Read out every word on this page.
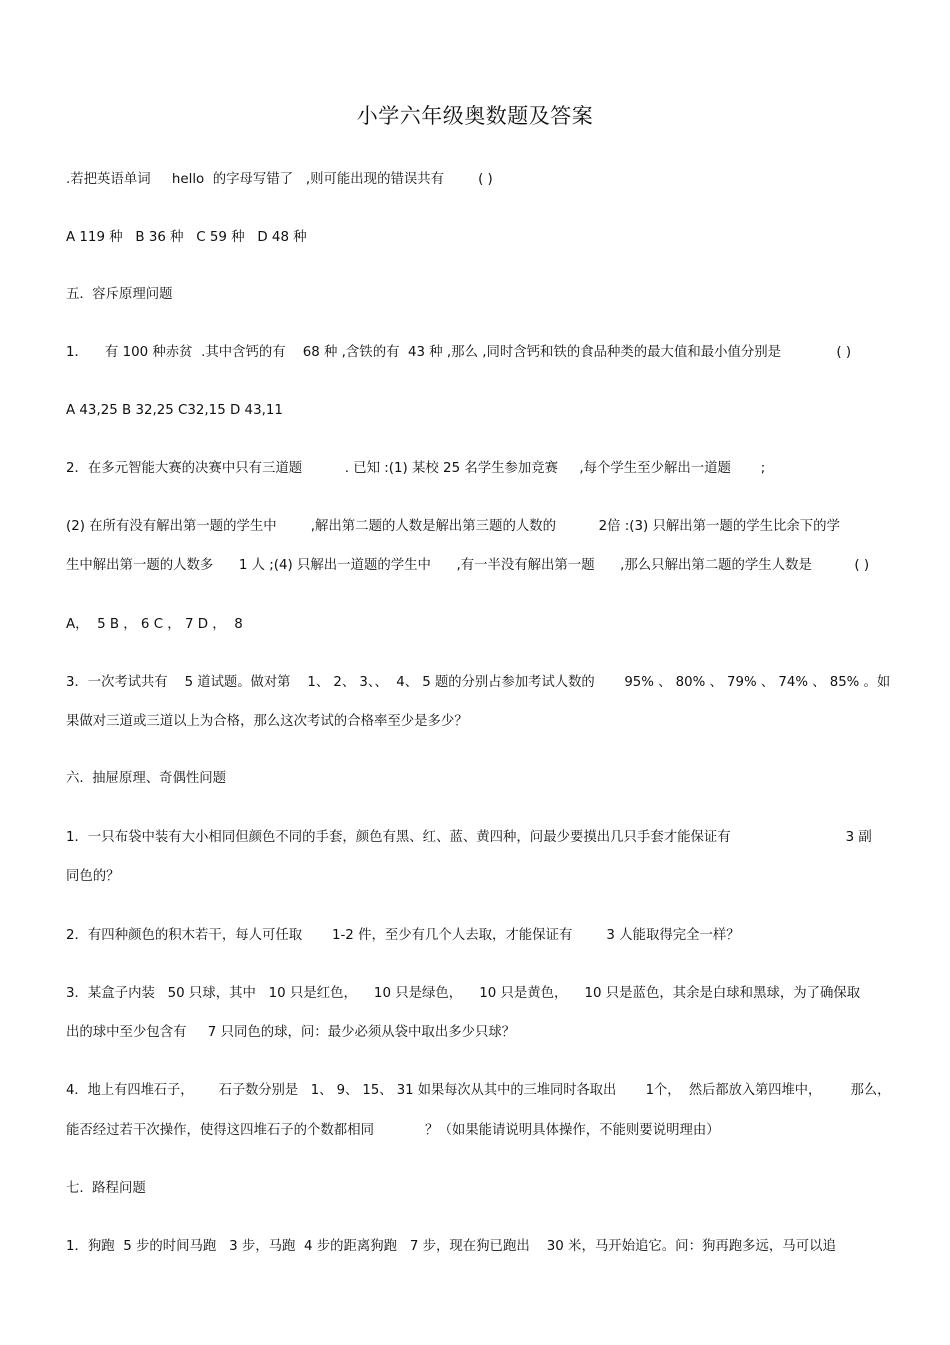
小学六年级奥数题及答案
.若把英语单词     hello  的字母写错了   ,则可能出现的错误共有        ( )
A 119 种   B 36 种   C 59 种   D 48 种
五.  容斥原理问题
1．    有 100 种赤贫  .其中含钙的有    68 种 ,含铁的有  43 种 ,那么 ,同时含钙和铁的食品种类的最大值和最小值分别是             ( )
A 43,25 B 32,25 C32,15 D 43,11
2．在多元智能大赛的决赛中只有三道题          . 已知 :(1) 某校 25 名学生参加竞赛     ,每个学生至少解出一道题       ;
(2) 在所有没有解出第一题的学生中        ,解出第二题的人数是解出第三题的人数的          2倍 :(3) 只解出第一题的学生比余下的学
生中解出第一题的人数多      1 人 ;(4) 只解出一道题的学生中      ,有一半没有解出第一题      ,那么只解出第二题的学生人数是          ( )
A，  5 B ， 6 C ， 7 D ，  8
3．一次考试共有    5 道试题。做对第    1、 2、 3、、  4、 5 题的分别占参加考试人数的       95% 、 80% 、 79% 、 74% 、 85% 。如
果做对三道或三道以上为合格，那么这次考试的合格率至少是多少？
六.  抽屉原理、奇偶性问题
1．一只布袋中装有大小相同但颜色不同的手套，颜色有黑、红、蓝、黄四种，问最少要摸出几只手套才能保证有                           3 副
同色的？
2．有四种颜色的积木若干，每人可任取       1-2 件，至少有几个人去取，才能保证有        3 人能取得完全一样？
3．某盒子内装   50 只球，其中   10 只是红色，    10 只是绿色，    10 只是黄色，    10 只是蓝色，其余是白球和黑球，为了确保取
出的球中至少包含有     7 只同色的球，问：最少必须从袋中取出多少只球？
4．地上有四堆石子，      石子数分别是   1、 9、 15、 31 如果每次从其中的三堆同时各取出       1个，  然后都放入第四堆中，       那么，
能否经过若干次操作，使得这四堆石子的个数都相同            ？（如果能请说明具体操作，不能则要说明理由）
七.  路程问题
1．狗跑  5 步的时间马跑   3 步，马跑  4 步的距离狗跑   7 步，现在狗已跑出    30 米，马开始追它。问：狗再跑多远，马可以追
